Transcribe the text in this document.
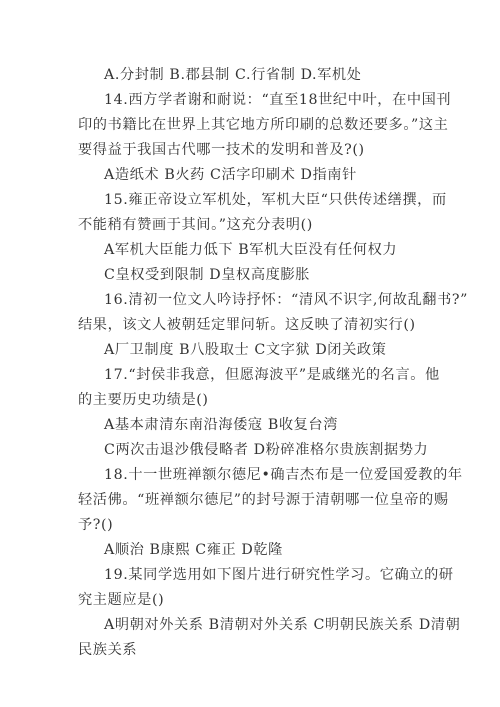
A.分封制 B.郡县制 C.行省制 D.军机处
14.西方学者谢和耐说：“直至18世纪中叶，在中国刊
印的书籍比在世界上其它地方所印刷的总数还要多。”这主
要得益于我国古代哪一技术的发明和普及?()
A造纸术 B火药 C活字印刷术 D指南针
15.雍正帝设立军机处，军机大臣“只供传述缮撰，而
不能稍有赞画于其间。”这充分表明()
A军机大臣能力低下 B军机大臣没有任何权力
C皇权受到限制 D皇权高度膨胀
16.清初一位文人吟诗抒怀：“清风不识字,何故乱翻书?”
结果，该文人被朝廷定罪问斩。这反映了清初实行()
A厂卫制度 B八股取士 C文字狱 D闭关政策
17.“封侯非我意，但愿海波平”是戚继光的名言。他
的主要历史功绩是()
A基本肃清东南沿海倭寇 B收复台湾
C两次击退沙俄侵略者 D粉碎准格尔贵族割据势力
18.十一世班禅额尔德尼•确吉杰布是一位爱国爱教的年
轻活佛。“班禅额尔德尼”的封号源于清朝哪一位皇帝的赐
予?()
A顺治 B康熙 C雍正 D乾隆
19.某同学选用如下图片进行研究性学习。它确立的研
究主题应是()
A明朝对外关系 B清朝对外关系 C明朝民族关系 D清朝
民族关系
